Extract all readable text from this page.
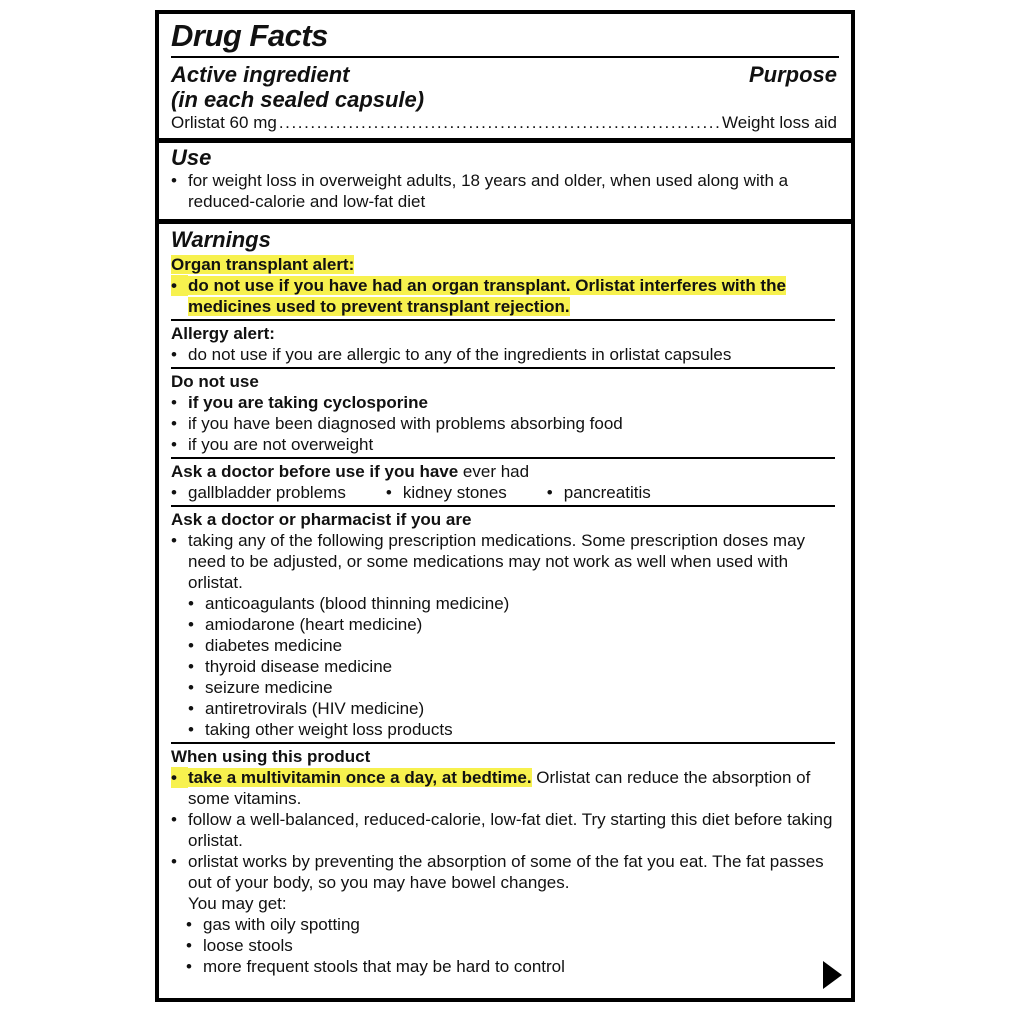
Drug Facts
Active ingredient	Purpose
(in each sealed capsule)
Orlistat 60 mg .....	Weight loss aid
Use
• for weight loss in overweight adults, 18 years and older, when used along with a reduced-calorie and low-fat diet
Warnings
Organ transplant alert:
• do not use if you have had an organ transplant. Orlistat interferes with the medicines used to prevent transplant rejection.
Allergy alert:
• do not use if you are allergic to any of the ingredients in orlistat capsules
Do not use
• if you are taking cyclosporine
• if you have been diagnosed with problems absorbing food
• if you are not overweight
Ask a doctor before use if you have ever had
• gallbladder problems	• kidney stones	• pancreatitis
Ask a doctor or pharmacist if you are
• taking any of the following prescription medications. Some prescription doses may need to be adjusted, or some medications may not work as well when used with orlistat.
• anticoagulants (blood thinning medicine)
• amiodarone (heart medicine)
• diabetes medicine
• thyroid disease medicine
• seizure medicine
• antiretrovirals (HIV medicine)
• taking other weight loss products
When using this product
• take a multivitamin once a day, at bedtime. Orlistat can reduce the absorption of some vitamins.
• follow a well-balanced, reduced-calorie, low-fat diet. Try starting this diet before taking orlistat.
• orlistat works by preventing the absorption of some of the fat you eat. The fat passes out of your body, so you may have bowel changes.
You may get:
• gas with oily spotting
• loose stools
• more frequent stools that may be hard to control
